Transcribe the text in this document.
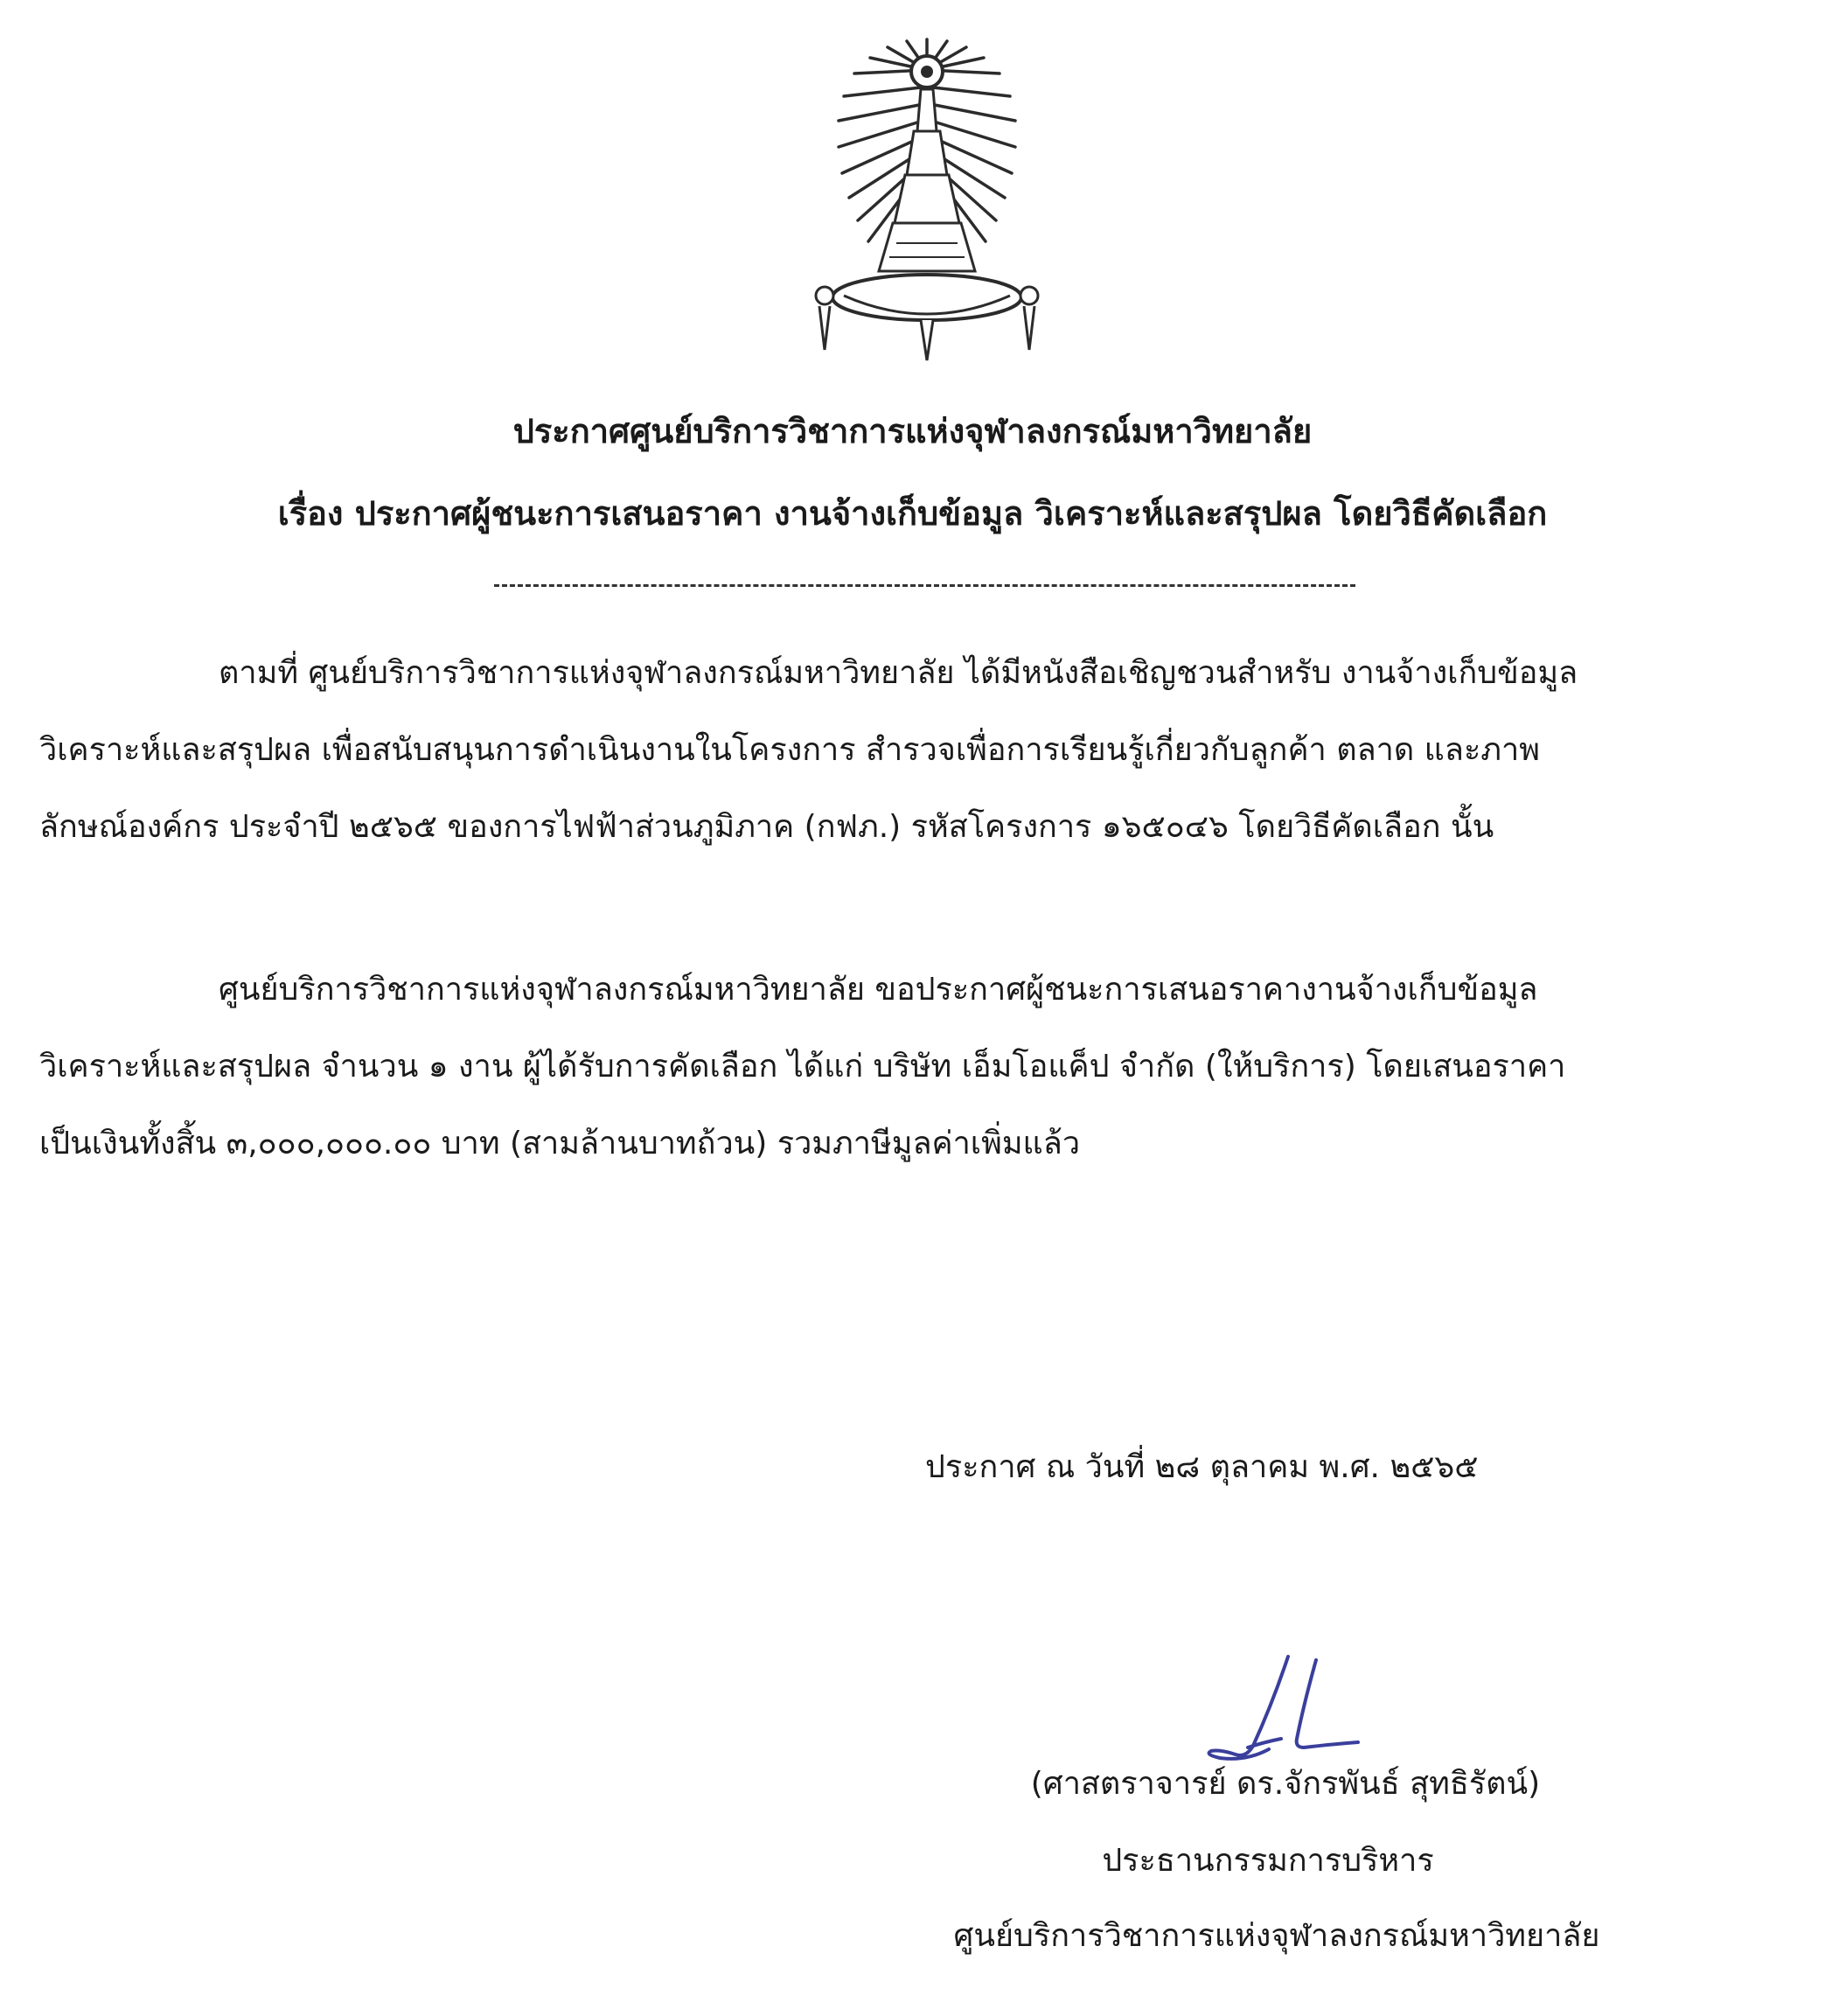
ประกาศศูนย์บริการวิชาการแห่งจุฬาลงกรณ์มหาวิทยาลัย
เรื่อง ประกาศผู้ชนะการเสนอราคา งานจ้างเก็บข้อมูล วิเคราะห์และสรุปผล โดยวิธีคัดเลือก
ตามที่ ศูนย์บริการวิชาการแห่งจุฬาลงกรณ์มหาวิทยาลัย ได้มีหนังสือเชิญชวนสำหรับ งานจ้างเก็บข้อมูล
วิเคราะห์และสรุปผล เพื่อสนับสนุนการดำเนินงานในโครงการ สำรวจเพื่อการเรียนรู้เกี่ยวกับลูกค้า ตลาด และภาพ
ลักษณ์องค์กร ประจำปี ๒๕๖๕ ของการไฟฟ้าส่วนภูมิภาค (กฟภ.) รหัสโครงการ ๑๖๕๐๔๖ โดยวิธีคัดเลือก นั้น
ศูนย์บริการวิชาการแห่งจุฬาลงกรณ์มหาวิทยาลัย ขอประกาศผู้ชนะการเสนอราคางานจ้างเก็บข้อมูล
วิเคราะห์และสรุปผล จำนวน ๑ งาน ผู้ได้รับการคัดเลือก ได้แก่ บริษัท เอ็มโอแค็ป จำกัด (ให้บริการ) โดยเสนอราคา
เป็นเงินทั้งสิ้น ๓,๐๐๐,๐๐๐.๐๐ บาท (สามล้านบาทถ้วน) รวมภาษีมูลค่าเพิ่มแล้ว
ประกาศ ณ วันที่ ๒๘ ตุลาคม พ.ศ. ๒๕๖๕
(ศาสตราจารย์ ดร.จักรพันธ์ สุทธิรัตน์)
ประธานกรรมการบริหาร
ศูนย์บริการวิชาการแห่งจุฬาลงกรณ์มหาวิทยาลัย
